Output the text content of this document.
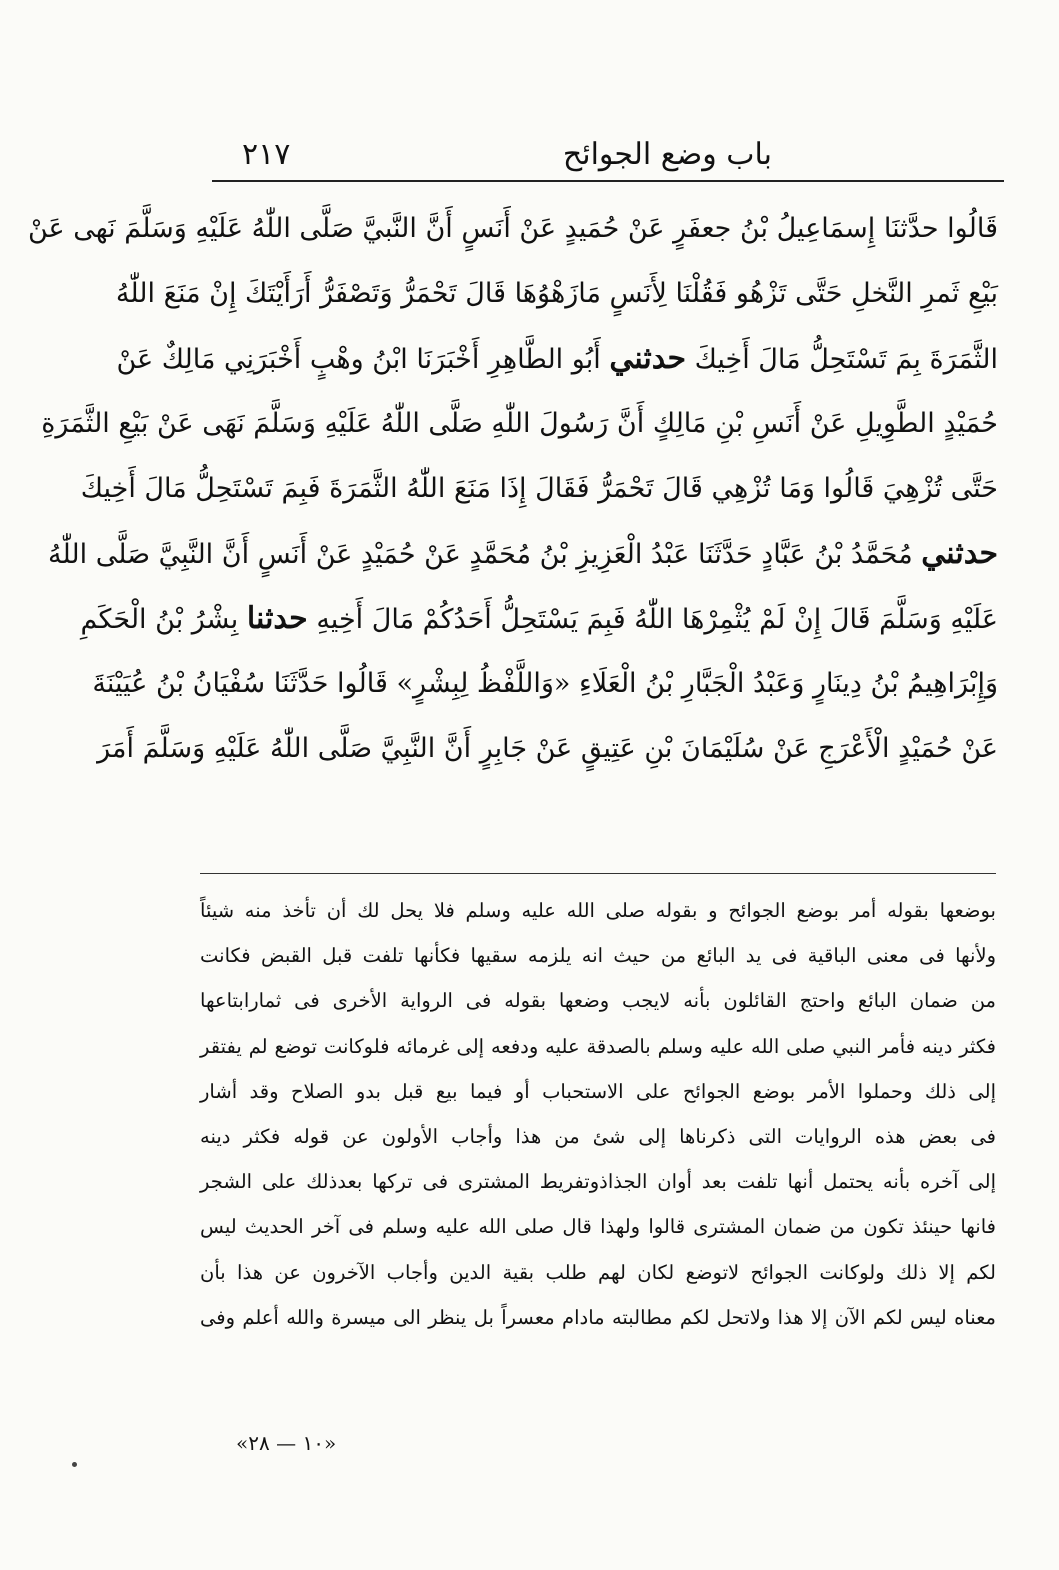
باب وضع الجوائح
٢١٧
قَالُوا حدَّثنَا إِسمَاعِيلُ بْنُ جعفَرٍ عَنْ حُمَيدٍ عَنْ أَنَسٍ أَنَّ النَّبيَّ صَلَّى اللّٰهُ عَلَيْهِ وَسَلَّمَ نَهى عَنْ
بَيْعِ ثَمرِ النَّخلِ حَتَّى تَزْهُو فَقُلْنَا لِأَنَسٍ مَازَهْوُهَا قَالَ تَحْمَرُّ وَتَصْفَرُّ أَرَأَيْتَكَ إِنْ مَنَعَ اللّٰهُ
الثَّمَرَةَ بِمَ تَسْتَحِلُّ مَالَ أَخِيكَ حدثني أَبُو الطَّاهِرِ أَخْبَرَنَا ابْنُ وهْبٍ أَخْبَرَنِي مَالِكٌ عَنْ
حُمَيْدٍ الطَّوِيلِ عَنْ أَنَسِ بْنِ مَالِكٍ أَنَّ رَسُولَ اللّٰهِ صَلَّى اللّٰهُ عَلَيْهِ وَسَلَّمَ نَهَى عَنْ بَيْعِ الثَّمَرَةِ
حَتَّى تُزْهِيَ قَالُوا وَمَا تُزْهِي قَالَ تَحْمَرُّ فَقَالَ إِذَا مَنَعَ اللّٰهُ الثَّمَرَةَ فَبِمَ تَسْتَحِلُّ مَالَ أَخِيكَ
حدثني مُحَمَّدُ بْنُ عَبَّادٍ حَدَّثَنَا عَبْدُ الْعَزِيزِ بْنُ مُحَمَّدٍ عَنْ حُمَيْدٍ عَنْ أَنَسٍ أَنَّ النَّبِيَّ صَلَّى اللّٰهُ
عَلَيْهِ وَسَلَّمَ قَالَ إِنْ لَمْ يُثْمِرْهَا اللّٰهُ فَبِمَ يَسْتَحِلُّ أَحَدُكُمْ مَالَ أَخِيهِ حدثنا بِشْرُ بْنُ الْحَكَمِ
وَإِبْرَاهِيمُ بْنُ دِينَارٍ وَعَبْدُ الْجَبَّارِ بْنُ الْعَلَاءِ «وَاللَّفْظُ لِبِشْرٍ» قَالُوا حَدَّثَنَا سُفْيَانُ بْنُ عُيَيْنَةَ
عَنْ حُمَيْدٍ الْأَعْرَجِ عَنْ سُلَيْمَانَ بْنِ عَتِيقٍ عَنْ جَابِرٍ أَنَّ النَّبِيَّ صَلَّى اللّٰهُ عَلَيْهِ وَسَلَّمَ أَمَرَ
بوضعها بقوله أمر بوضع الجوائح و بقوله صلى الله عليه وسلم فلا يحل لك أن تأخذ منه شيئاً
ولأنها فى معنى الباقية فى يد البائع من حيث انه يلزمه سقيها فكأنها تلفت قبل القبض فكانت
من ضمان البائع واحتج القائلون بأنه لايجب وضعها بقوله فى الرواية الأخرى فى ثمارابتاعها
فكثر دينه فأمر النبي صلى الله عليه وسلم بالصدقة عليه ودفعه إلى غرمائه فلوكانت توضع لم يفتقر
إلى ذلك وحملوا الأمر بوضع الجوائح على الاستحباب أو فيما بيع قبل بدو الصلاح وقد أشار
فى بعض هذه الروايات التى ذكرناها إلى شئ من هذا وأجاب الأولون عن قوله فكثر دينه
إلى آخره بأنه يحتمل أنها تلفت بعد أوان الجذاذوتفريط المشترى فى تركها بعدذلك على الشجر
فانها حينئذ تكون من ضمان المشترى قالوا ولهذا قال صلى الله عليه وسلم فى آخر الحديث ليس
لكم إلا ذلك ولوكانت الجوائح لاتوضع لكان لهم طلب بقية الدين وأجاب الآخرون عن هذا بأن
معناه ليس لكم الآن إلا هذا ولاتحل لكم مطالبته مادام معسراً بل ينظر الى ميسرة والله أعلم وفى
«١٠ — ٢٨»
